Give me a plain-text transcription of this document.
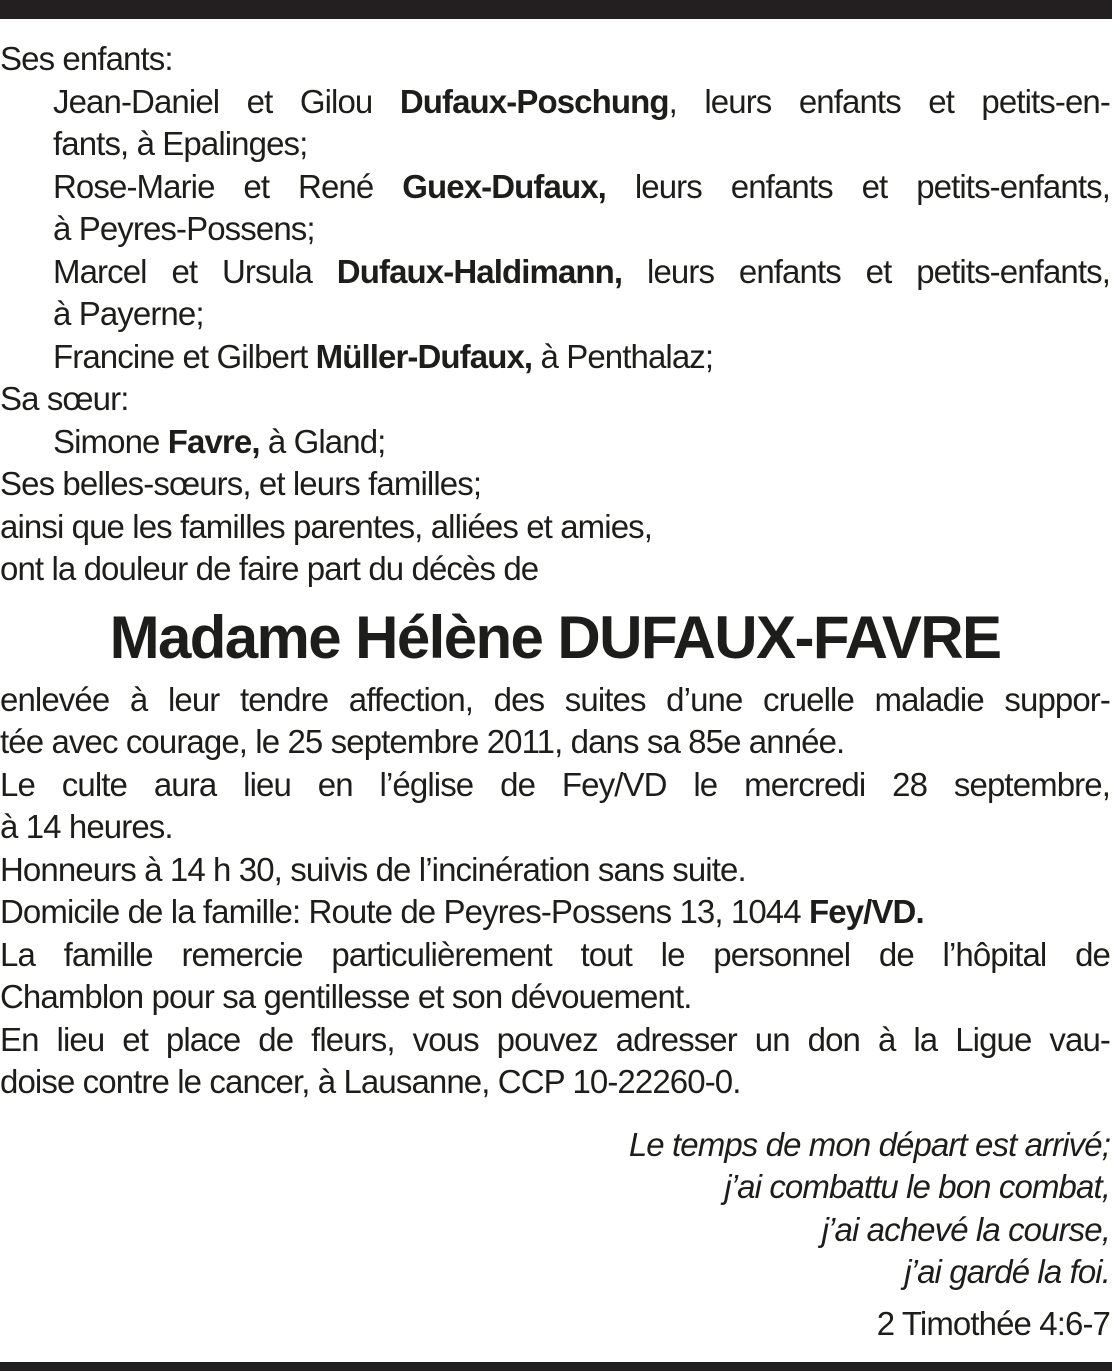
Ses enfants:
Jean-Daniel et Gilou Dufaux-Poschung, leurs enfants et petits-en-
fants, à Epalinges;
Rose-Marie et René Guex-Dufaux, leurs enfants et petits-enfants,
à Peyres-Possens;
Marcel et Ursula Dufaux-Haldimann, leurs enfants et petits-enfants,
à Payerne;
Francine et Gilbert Müller-Dufaux, à Penthalaz;
Sa sœur:
Simone Favre, à Gland;
Ses belles-sœurs, et leurs familles;
ainsi que les familles parentes, alliées et amies,
ont la douleur de faire part du décès de
Madame Hélène DUFAUX-FAVRE
enlevée à leur tendre affection, des suites d’une cruelle maladie suppor-
tée avec courage, le 25 septembre 2011, dans sa 85e année.
Le culte aura lieu en l’église de Fey/VD le mercredi 28 septembre,
à 14 heures.
Honneurs à 14 h 30, suivis de l’incinération sans suite.
Domicile de la famille: Route de Peyres-Possens 13, 1044 Fey/VD.
La famille remercie particulièrement tout le personnel de l’hôpital de
Chamblon pour sa gentillesse et son dévouement.
En lieu et place de fleurs, vous pouvez adresser un don à la Ligue vau-
doise contre le cancer, à Lausanne, CCP 10-22260-0.
Le temps de mon départ est arrivé;
j’ai combattu le bon combat,
j’ai achevé la course,
j’ai gardé la foi.
2 Timothée 4:6-7
